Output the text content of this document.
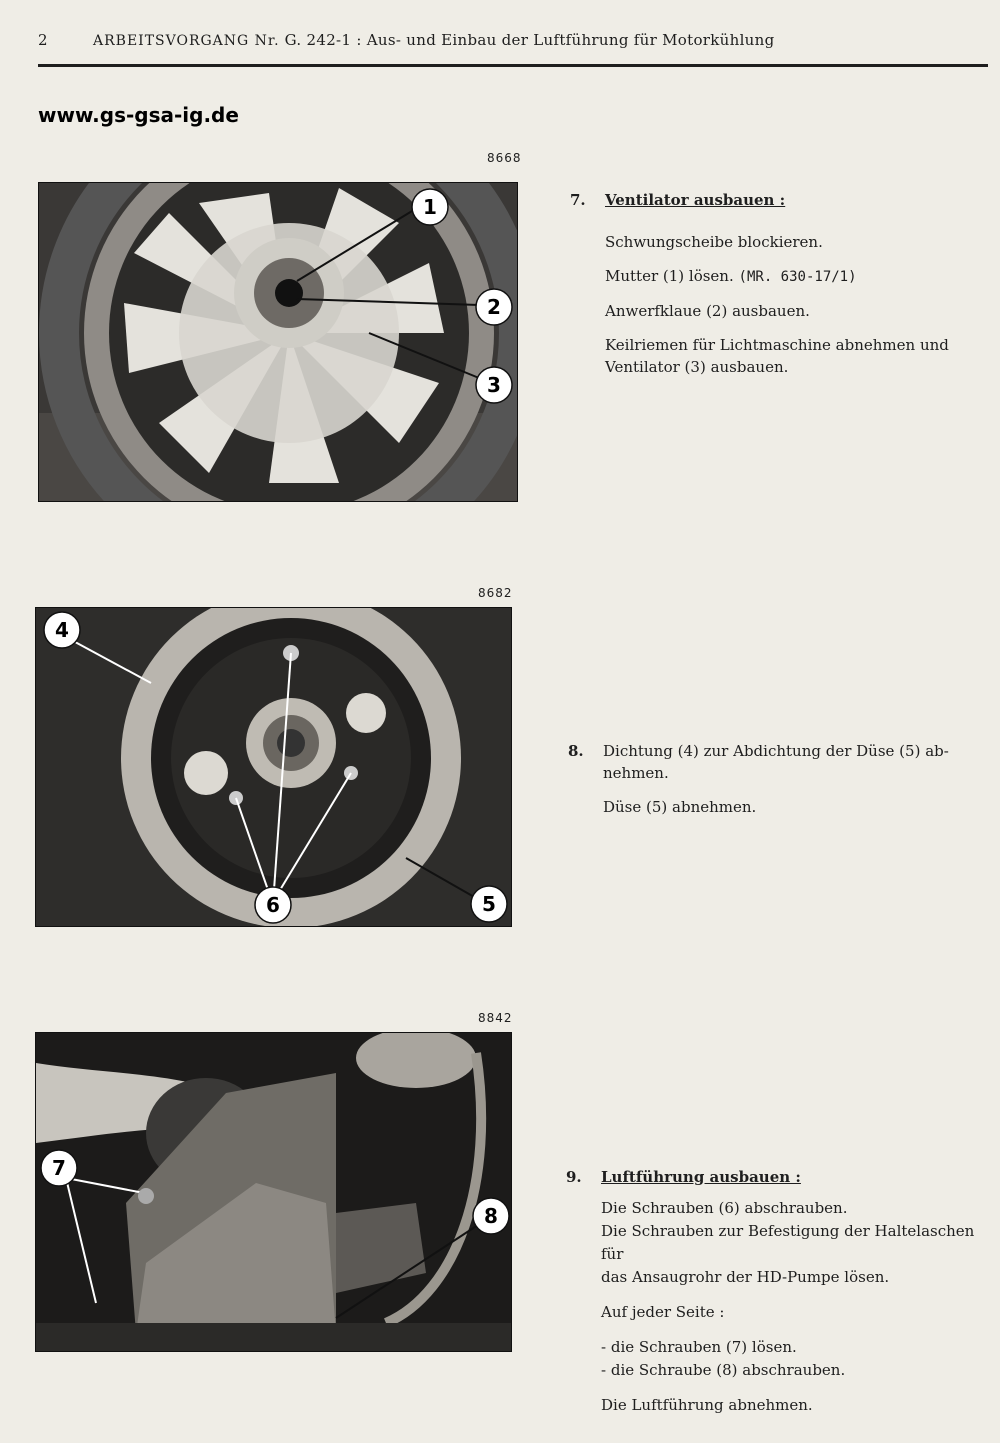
2	ARBEITSVORGANG Nr. G. 242-1 : Aus- und Einbau der Luftführung für Motorkühlung
www.gs-gsa-ig.de
8668
1
2
3
7. Ventilator ausbauen :

Schwungscheibe blockieren.

Mutter (1) lösen. (MR. 630-17/1)

Anwerfklaue (2) ausbauen.

Keilriemen für Lichtmaschine abnehmen und
Ventilator (3) ausbauen.
8682
4
6	5
8. Dichtung (4) zur Abdichtung der Düse (5) ab-

nehmen.

Düse (5) abnehmen.
8842
7
8
9. Luftführung ausbauen :

Die Schrauben (6) abschrauben.
Die Schrauben zur Befestigung der Haltelaschen für

das Ansaugrohr der HD-Pumpe lösen.

Auf jeder Seite :

- die Schrauben (7) lösen.

- die Schraube (8) abschrauben.

Die Luftführung abnehmen.
